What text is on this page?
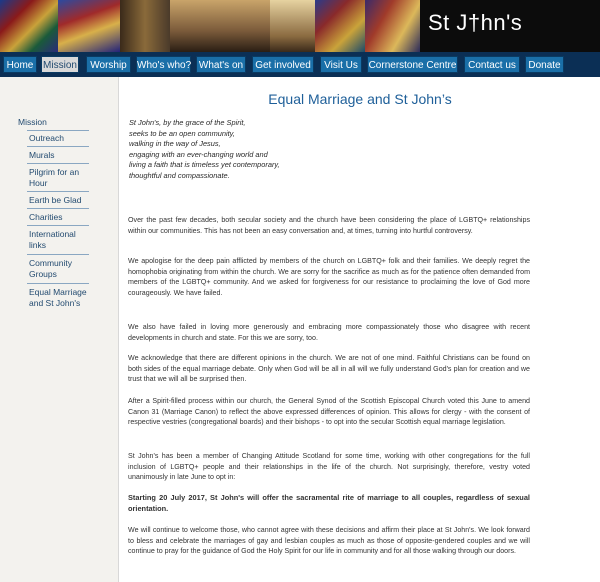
St J†hn's
Home Mission	Worship	Who's who? What's on	Get involved	Visit Us	Cornerstone Centre	Contact us	Donate
Mission
Outreach
Murals
Pilgrim for an Hour
Earth be Glad
Charities
International links
Community Groups
Equal Marriage and St John's
Equal Marriage and St John’s
St John's, by the grace of the Spirit,
seeks to be an open community,
walking in the way of Jesus,
engaging with an ever-changing world and
living a faith that is timeless yet contemporary,
thoughtful and compassionate.
Over the past few decades, both secular society and the church have been considering the place of LGBTQ+ relationships within our communities. This has not been an easy conversation and, at times, turning into hurtful controversy.
We apologise for the deep pain afflicted by members of the church on LGBTQ+ folk and their families. We deeply regret the homophobia originating from within the church. We are sorry for the sacrifice as much as for the patience often demanded from members of the LGBTQ+ community. And we asked for forgiveness for our resistance to proclaiming the love of God more courageously. We have failed.
We also have failed in loving more generously and embracing more compassionately those who disagree with recent developments in church and state. For this we are sorry, too.
We acknowledge that there are different opinions in the church. We are not of one mind. Faithful Christians can be found on both sides of the equal marriage debate. Only when God will be all in all will we fully understand God's plan for creation and we trust that we will all be surprised then.
After a Spirit-filled process within our church, the General Synod of the Scottish Episcopal Church voted this June to amend Canon 31 (Marriage Canon) to reflect the above expressed differences of opinion. This allows for clergy - with the consent of respective vestries (congregational boards) and their bishops - to opt into the secular Scottish equal marriage legislation.
St John's has been a member of Changing Attitude Scotland for some time, working with other congregations for the full inclusion of LGBTQ+ people and their relationships in the life of the church. Not surprisingly, therefore, vestry voted unanimously in late June to opt in:
Starting 20 July 2017, St John's will offer the sacramental rite of marriage to all couples, regardless of sexual orientation.
We will continue to welcome those, who cannot agree with these decisions and affirm their place at St John's. We look forward to bless and celebrate the marriages of gay and lesbian couples as much as those of opposite-gendered couples and we will continue to pray for the guidance of God the Holy Spirit for our life in community and for all those walking through our doors.
